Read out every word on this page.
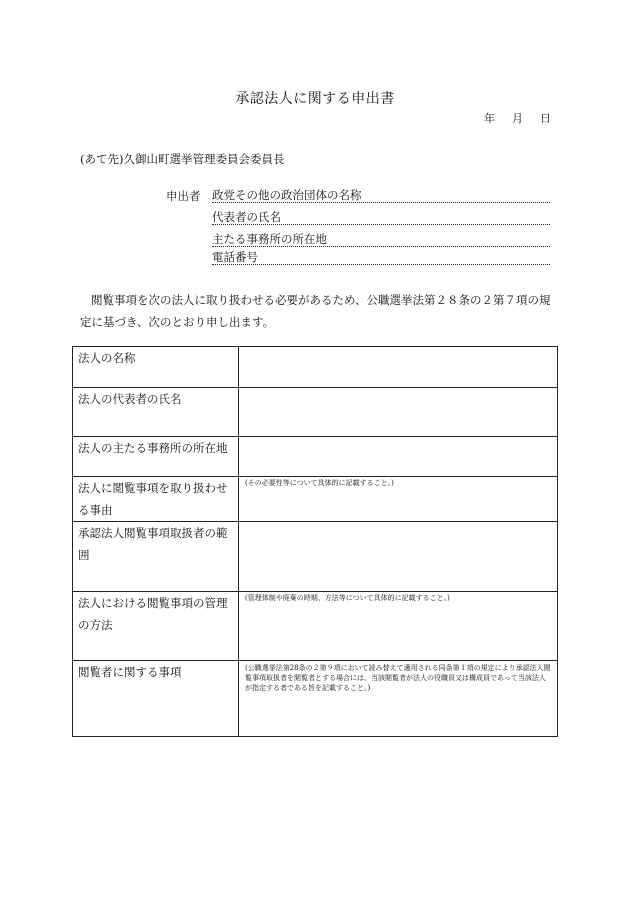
承認法人に関する申出書
年 月 日
(あて先)久御山町選挙管理委員会委員長
申出者 政党その他の政治団体の名称
代表者の氏名
主たる事務所の所在地
電話番号
閲覧事項を次の法人に取り扱わせる必要があるため、公職選挙法第２８条の２第７項の規定に基づき、次のとおり申し出ます。
法人の名称	
法人の代表者の氏名	
法人の主たる事務所の所在地	
法人に閲覧事項を取り扱わせる事由	(その必要性等について具体的に記載すること。)
承認法人閲覧事項取扱者の範囲	
法人における閲覧事項の管理の方法	(管理体制や廃棄の時期、方法等について具体的に記載すること。)
閲覧者に関する事項	(公職選挙法第28条の２第９項において読み替えて適用される同条第１項の規定により承認法人閲覧事項取扱者を閲覧者とする場合には、当該閲覧者が法人の役職員又は構成員であって当該法人が指定する者である旨を記載すること。)
